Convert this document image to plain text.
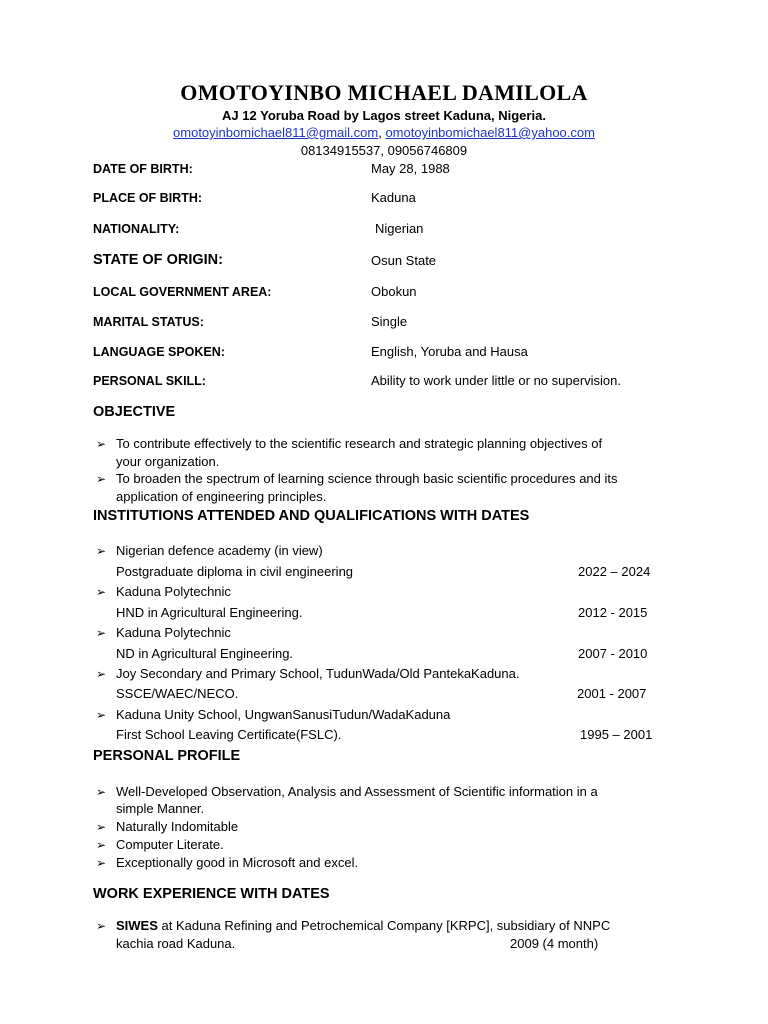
OMOTOYINBO MICHAEL DAMILOLA
AJ 12 Yoruba Road by Lagos street Kaduna, Nigeria.
omotoyinbomichael811@gmail.com, omotoyinbomichael811@yahoo.com
08134915537, 09056746809
DATE OF BIRTH:	May 28, 1988
PLACE OF BIRTH:	Kaduna
NATIONALITY:	Nigerian
STATE OF ORIGIN:	Osun State
LOCAL GOVERNMENT AREA:	Obokun
MARITAL STATUS:	Single
LANGUAGE SPOKEN:	English, Yoruba and Hausa
PERSONAL SKILL:	Ability to work under little or no supervision.
OBJECTIVE
➢ To contribute effectively to the scientific research and strategic planning objectives of
your organization.
➢ To broaden the spectrum of learning science through basic scientific procedures and its
application of engineering principles.
INSTITUTIONS ATTENDED AND QUALIFICATIONS WITH DATES
➢ Nigerian defence academy (in view)
Postgraduate diploma in civil engineering	2022 – 2024
➢ Kaduna Polytechnic
HND in Agricultural Engineering.	2012 - 2015
➢ Kaduna Polytechnic
ND in Agricultural Engineering.	2007 - 2010
➢ Joy Secondary and Primary School, TudunWada/Old PantekaKaduna.
SSCE/WAEC/NECO.	2001 - 2007
➢ Kaduna Unity School, UngwanSanusiTudun/WadaKaduna
First School Leaving Certificate(FSLC).	1995 – 2001
PERSONAL PROFILE
➢ Well-Developed Observation, Analysis and Assessment of Scientific information in a
simple Manner.
➢ Naturally Indomitable
➢ Computer Literate.
➢ Exceptionally good in Microsoft and excel.
WORK EXPERIENCE WITH DATES
➢ SIWES at Kaduna Refining and Petrochemical Company [KRPC], subsidiary of NNPC
kachia road Kaduna.	2009 (4 month)
